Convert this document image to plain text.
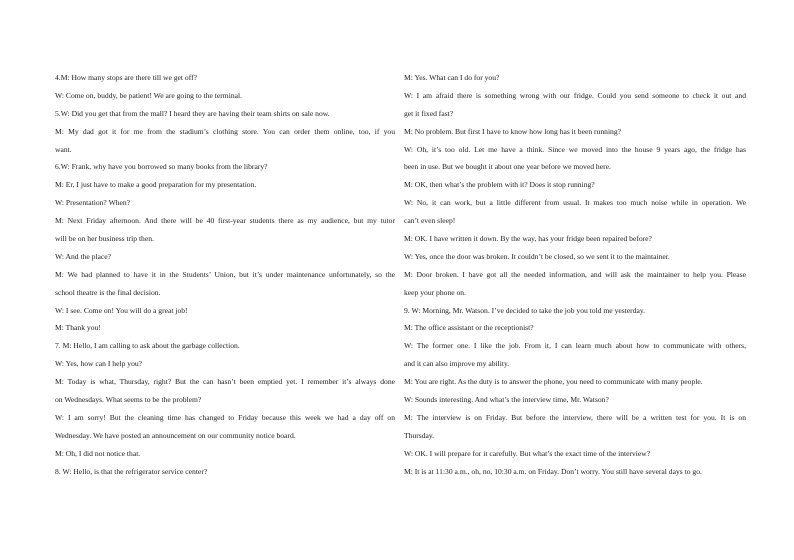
4.M: How many stops are there till we get off?
W: Come on, buddy, be patient! We are going to the terminal.
5.W: Did you get that from the mall? I heard they are having their team shirts on sale now.
M: My dad got it for me from the stadium’s clothing store. You can order them online, too, if you
want.
6.W: Frank, why have you borrowed so many books from the library?
M: Er, I just have to make a good preparation for my presentation.
W: Presentation? When?
M: Next Friday afternoon. And there will be 40 first-year students there as my audience, but my tutor
will be on her business trip then.
W: And the place?
M: We had planned to have it in the Students’ Union, but it’s under maintenance unfortunately, so the
school theatre is the final decision.
W: I see. Come on! You will do a great job!
M: Thank you!
7. M: Hello, I am calling to ask about the garbage collection.
W: Yes, how can I help you?
M: Today is what, Thursday, right? But the can hasn’t been emptied yet. I remember it’s always done
on Wednesdays. What seems to be the problem?
W: I am sorry! But the cleaning time has changed to Friday because this week we had a day off on
Wednesday. We have posted an announcement on our community notice board.
M: Oh, I did not notice that.
8. W: Hello, is that the refrigerator service center?
M: Yes. What can I do for you?
W: I am afraid there is something wrong with our fridge. Could you send someone to check it out and
get it fixed fast?
M: No problem. But first I have to know how long has it been running?
W: Oh, it’s too old. Let me have a think. Since we moved into the house 9 years ago, the fridge has
been in use. But we bought it about one year before we moved here.
M: OK, then what’s the problem with it? Does it stop running?
W: No, it can work, but a little different from usual. It makes too much noise while in operation. We
can’t even sleep!
M: OK. I have written it down. By the way, has your fridge been repaired before?
W: Yes, once the door was broken. It couldn’t be closed, so we sent it to the maintainer.
M: Door broken. I have got all the needed information, and will ask the maintainer to help you. Please
keep your phone on.
9. W: Morning, Mr. Watson. I’ve decided to take the job you told me yesterday.
M: The office assistant or the receptionist?
W: The former one. I like the job. From it, I can learn much about how to communicate with others,
and it can also improve my ability.
M: You are right. As the duty is to answer the phone, you need to communicate with many people.
W: Sounds interesting. And what’s the interview time, Mr. Watson?
M: The interview is on Friday. But before the interview, there will be a written test for you. It is on
Thursday.
W: OK. I will prepare for it carefully. But what’s the exact time of the interview?
M: It is at 11:30 a.m., oh, no, 10:30 a.m. on Friday. Don’t worry. You still have several days to go.
